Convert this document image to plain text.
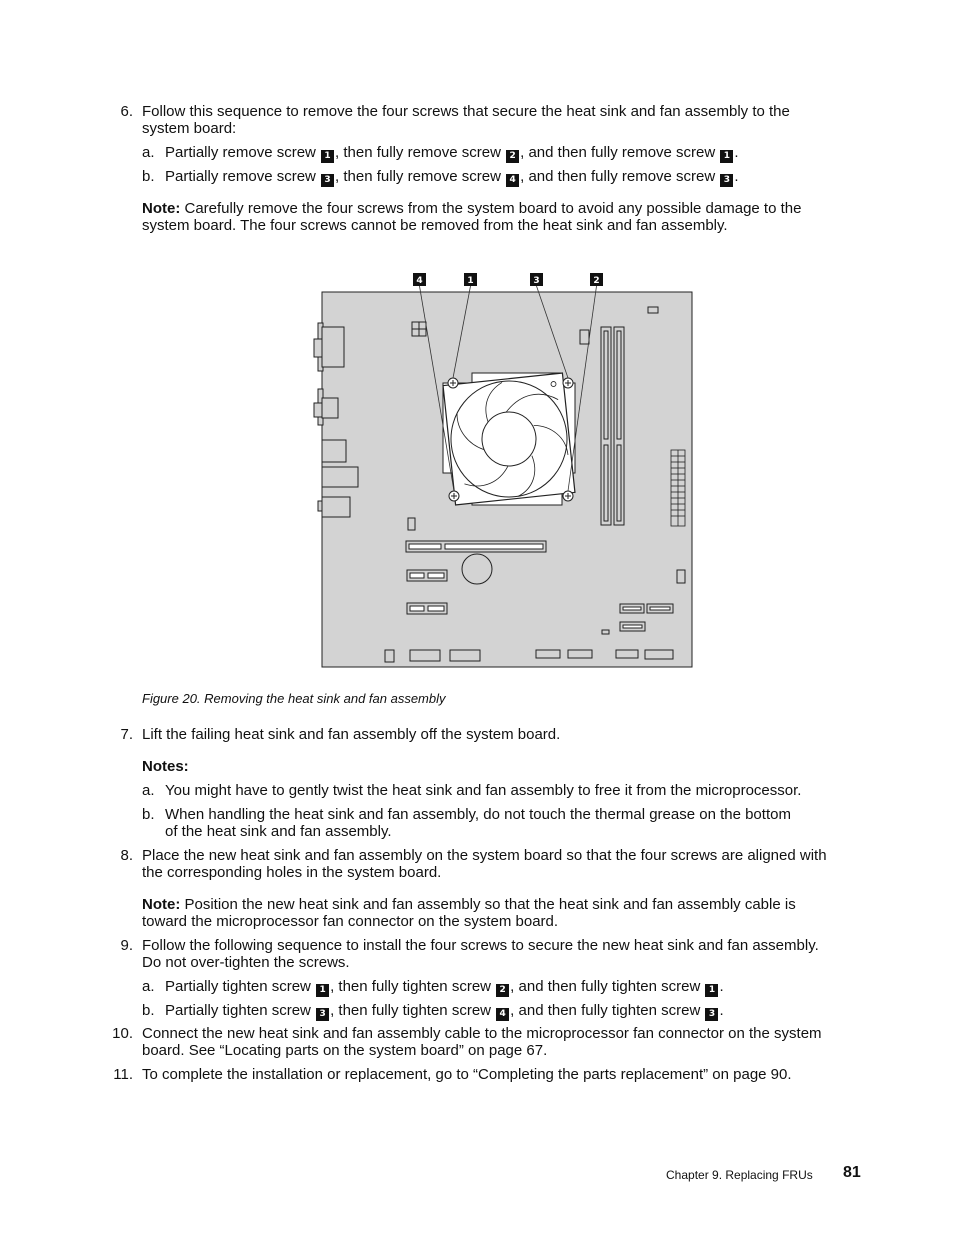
6. Follow this sequence to remove the four screws that secure the heat sink and fan assembly to the
system board:
a. Partially remove screw 1 , then fully remove screw 2 , and then fully remove screw 1 .
b. Partially remove screw 3 , then fully remove screw 4 , and then fully remove screw 3 .
Note: Carefully remove the four screws from the system board to avoid any possible damage to the
system board. The four screws cannot be removed from the heat sink and fan assembly.
4	1	3	2
Figure 20. Removing the heat sink and fan assembly
7. Lift the failing heat sink and fan assembly off the system board.
Notes:
a. You might have to gently twist the heat sink and fan assembly to free it from the microprocessor.
b. When handling the heat sink and fan assembly, do not touch the thermal grease on the bottom
of the heat sink and fan assembly.
8. Place the new heat sink and fan assembly on the system board so that the four screws are aligned with
the corresponding holes in the system board.
Note: Position the new heat sink and fan assembly so that the heat sink and fan assembly cable is
toward the microprocessor fan connector on the system board.
9. Follow the following sequence to install the four screws to secure the new heat sink and fan assembly.
Do not over-tighten the screws.
a. Partially tighten screw 1 , then fully tighten screw 2 , and then fully tighten screw 1 .
b. Partially tighten screw 3 , then fully tighten screw 4 , and then fully tighten screw 3 .
10. Connect the new heat sink and fan assembly cable to the microprocessor fan connector on the system
board. See “Locating parts on the system board” on page 67.
11. To complete the installation or replacement, go to “Completing the parts replacement” on page 90.
Chapter 9. Replacing FRUs 81
